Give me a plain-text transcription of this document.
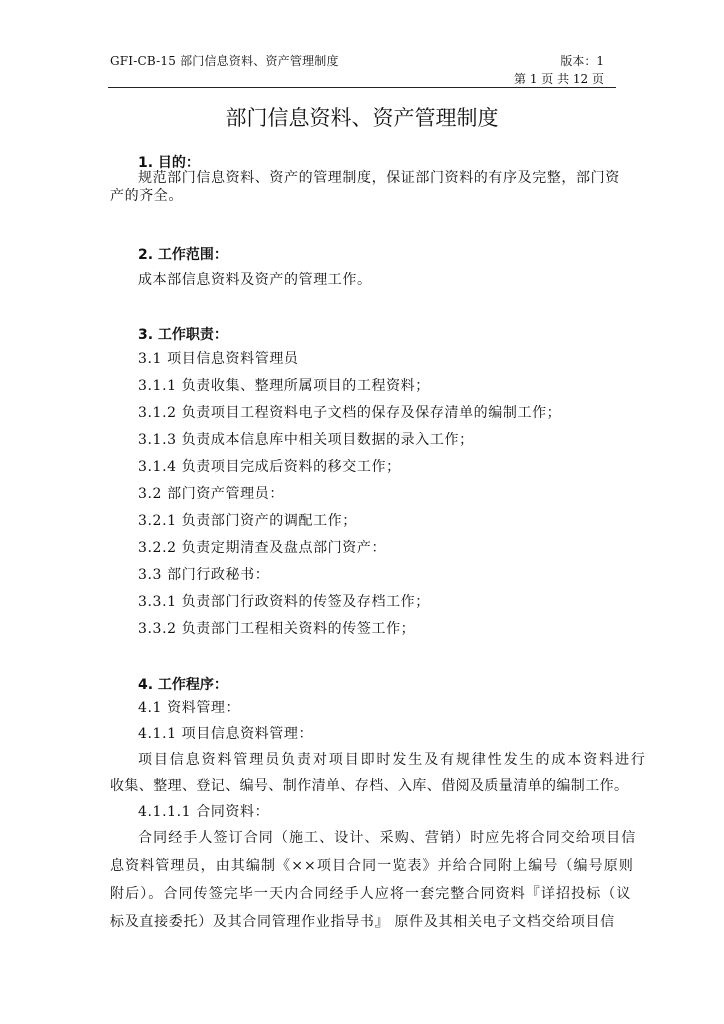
GFI-CB-15 部门信息资料、资产管理制度	版本：1
第 1 页 共 12 页
部门信息资料、资产管理制度
1. 目的：
规范部门信息资料、资产的管理制度，保证部门资料的有序及完整，部门资
产的齐全。
2. 工作范围：
成本部信息资料及资产的管理工作。
3. 工作职责：
3.1 项目信息资料管理员
3.1.1 负责收集、整理所属项目的工程资料；
3.1.2 负责项目工程资料电子文档的保存及保存清单的编制工作；
3.1.3 负责成本信息库中相关项目数据的录入工作；
3.1.4 负责项目完成后资料的移交工作；
3.2 部门资产管理员：
3.2.1 负责部门资产的调配工作；
3.2.2 负责定期清查及盘点部门资产：
3.3 部门行政秘书：
3.3.1 负责部门行政资料的传签及存档工作；
3.3.2 负责部门工程相关资料的传签工作；
4. 工作程序：
4.1 资料管理：
4.1.1 项目信息资料管理：
项目信息资料管理员负责对项目即时发生及有规律性发生的成本资料进行
收集、整理、登记、编号、制作清单、存档、入库、借阅及质量清单的编制工作。
4.1.1.1 合同资料：
合同经手人签订合同（施工、设计、采购、营销）时应先将合同交给项目信
息资料管理员，由其编制《××项目合同一览表》并给合同附上编号（编号原则
附后）。合同传签完毕一天内合同经手人应将一套完整合同资料『详招投标（议
标及直接委托）及其合同管理作业指导书』 原件及其相关电子文档交给项目信
